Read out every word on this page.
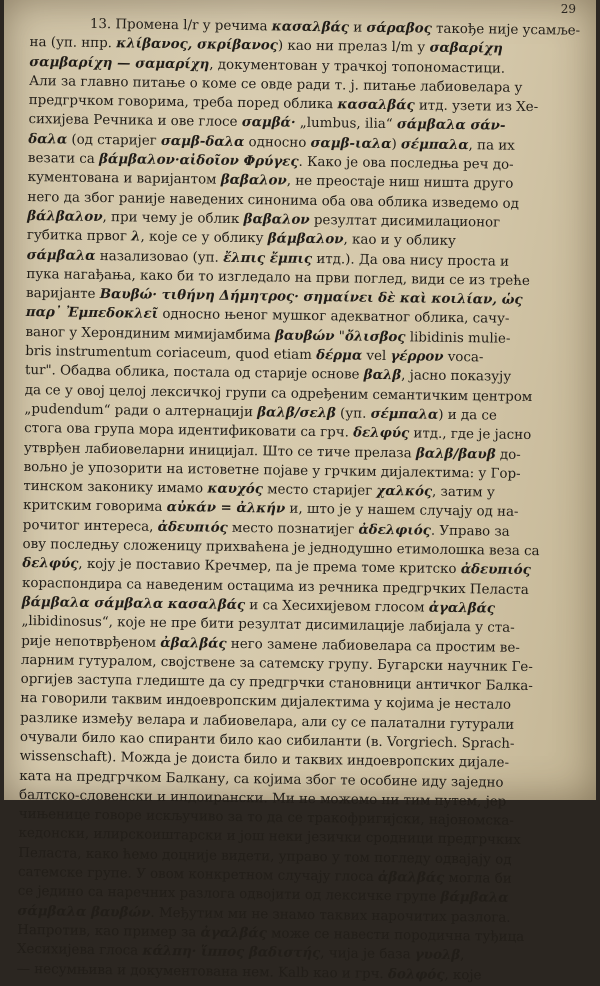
29
13. Промена l/r у речима κασαλβάς и σάραβος такође није усамље-
на (уп. нпр. κλίβανος, σκρίβανος) као ни прелаз l/m у σαβαρίχη
σαμβαρίχη — σαμαρίχη, документован у трачкој топономастици.
Али за главно питање о коме се овде ради т. ј. питање лабиовелара у
предгрчком говорима, треба поред облика κασαλβάς итд. узети из Хе-
сихијева Речника и ове глосе σαμβά· „lumbus, ilia“ σάμβαλα σάν-
δαλα (од старијег σαμβ-δαλα односно σαμβ-ιαλα) σέμπαλα, па их
везати са βάμβαλον·αἰδοῖον Φρύγες. Како је ова последња реч до-
кументована и варијантом βαβαλον, не преостаје ниш ништа друго
него да због раније наведених синонима оба ова облика изведемо од
βάλβαλον, при чему је облик βαβαλον резултат дисимилационог
губитка првог λ, које се у облику βάμβαλον, као и у облику
σάμβαλα назализовао (уп. ἔλπις ἔμπις итд.). Да ова нису проста и
пука нагађања, како би то изгледало на први поглед, види се из треће
варијанте Βαυβώ· τιθήνη Δήμητρος· σημαίνει δὲ καὶ κοιλίαν, ὡς
παρ᾽ Ἐμπεδοκλεῖ односно њеног мушког адекватног облика, сачу-
ваног у Херондиним мимијамбима βαυβών "ὄλισβος libidinis mulie-
bris instrumentum coriaceum, quod etiam δέρμα vel γέρρον voca-
tur". Обадва облика, постала од старије основе βαλβ, јасно показују
да се у овој целој лексичкој групи са одређеним семантичким центром
„pudendum“ ради о алтернацији βαλβ/σελβ (уп. σέμπαλα) и да се
стога ова група мора идентификовати са грч. δελφύς итд., где је јасно
утврђен лабиовеларни иницијал. Што се тиче прелаза βαλβ/βαυβ до-
вољно је упозорити на истоветне појаве у грчким дијалектима: у Гор-
тинском законику имамо καυχός место старијег χαλκός, затим у
критским говорима αὐκάν = ἀλκήν и, што је у нашем случају од на-
рочитог интереса, ἀδευπιός место познатијег ἀδελφιός. Управо за
ову последњу сложеницу прихваћена је једнодушно етимолошка веза са
δελφύς, коју је поставио Кречмер, па је према томе критско ἀδευπιός
кораспондира са наведеним остацима из речника предгрчких Пеласта
βάμβαλα σάμβαλα κασαλβάς и са Хесихијевом глосом ἀγαλβάς
„libidinosus“, које не пре бити резултат дисимилације лабијала у ста-
рије непотврђеном ἀβαλβάς него замене лабиовелара са простим ве-
ларним гутуралом, својствене за сатемску групу. Бугарски научник Ге-
оргијев заступа гледиште да су предгрчки становници античког Балка-
на говорили таквим индоевропским дијалектима у којима је нестало
разлике између велара и лабиовелара, али су се палатални гутурали
очували било као спиранти било као сибиланти (в. Vorgriech. Sprach-
wissenschaft). Можда је доиста било и таквих индоевропских дијале-
ката на предгрчком Балкану, са којима због те особине иду заједно
балтско-словенски и индоирански. Ми не можемо ни тим путем, јер
чињенице говоре искључиво за то да се тракофригијски, најономска-
кедонски, илирскоиштарски и још неки језички сродници предгрчких
Пеласта, како ћемо доцније видети, управо у том погледу одвајају од
сатемске групе. У овом конкретном случају глоса ἀβαλβάς могла би
се једино са наречних разлога одвојити од лексичке групе βάμβαλα
σάμβαλα βαυβών. Међутим ми не знамо таквих нарочитих разлога.
Напротив, као пример за ἀγαλβάς може се навести породична туђица
Хесихијева глоса κάλπη· ἵππος βαδιστής, чија је база γυολβ,
— несумњива и документована нем. Kalb као и грч. δολφός, које
